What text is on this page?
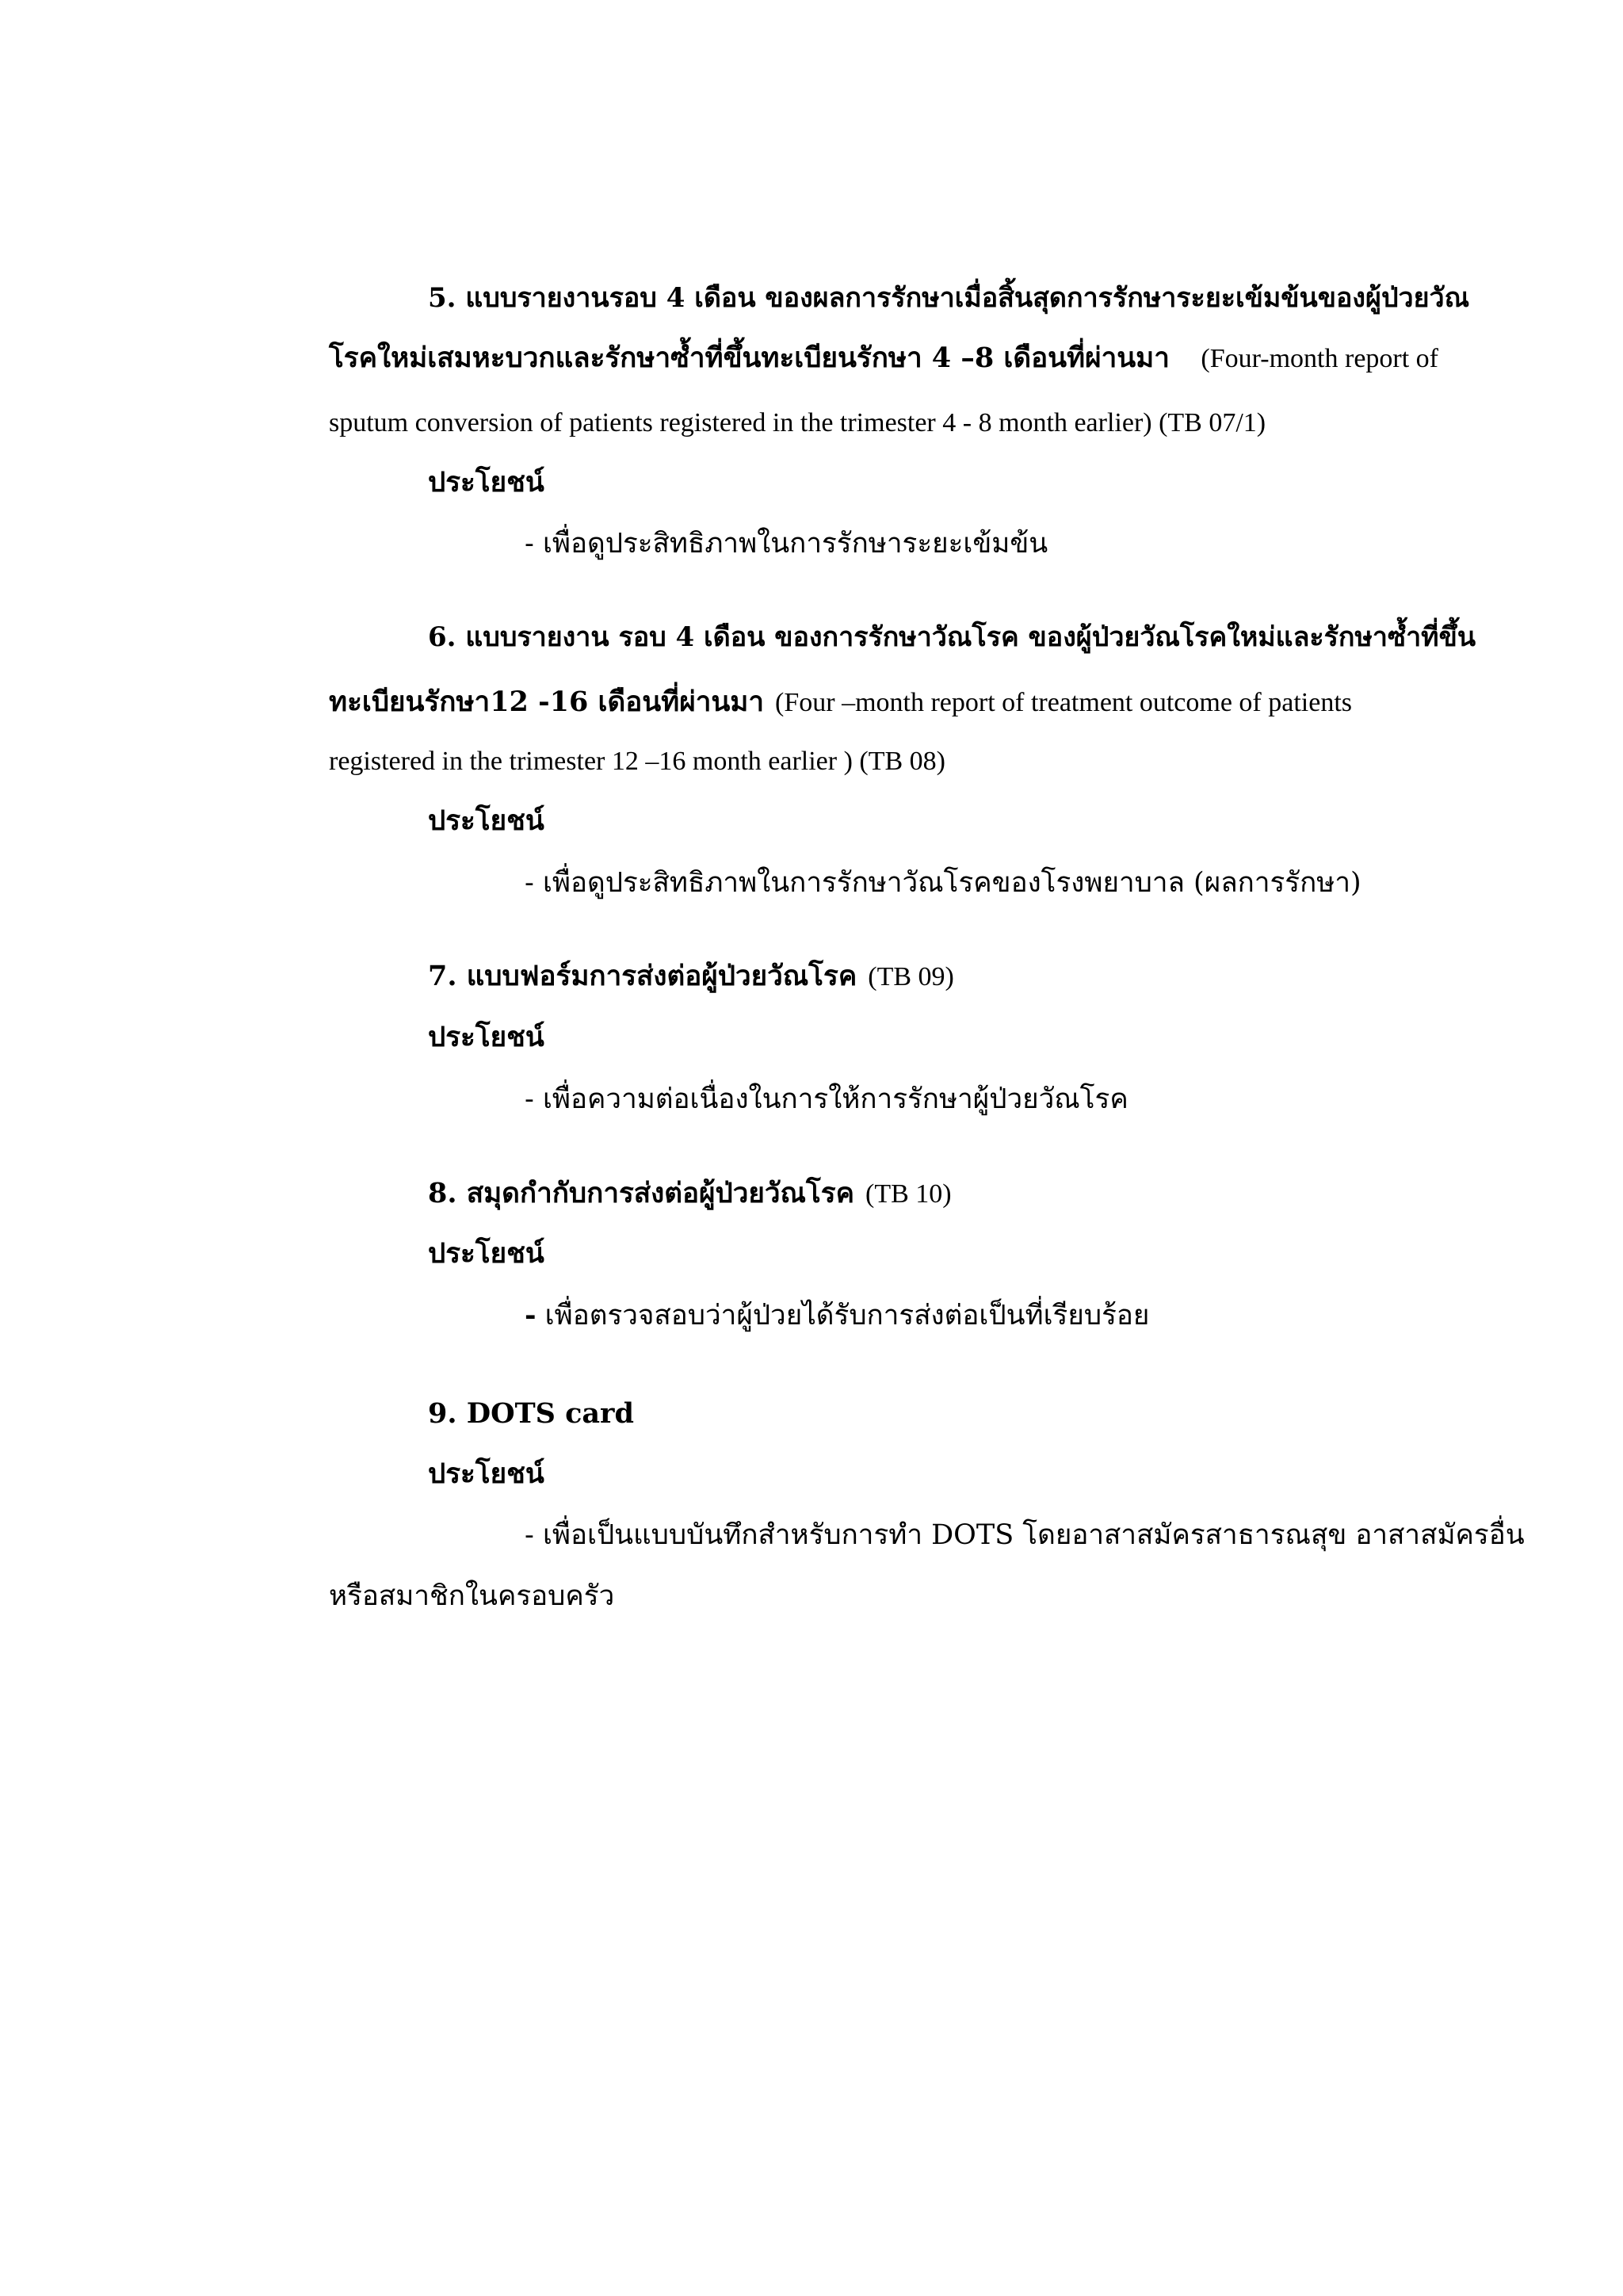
5. แบบรายงานรอบ 4 เดือน ของผลการรักษาเมื่อสิ้นสุดการรักษาระยะเข้มข้นของผู้ป่วยวัณ
โรคใหม่เสมหะบวกและรักษาซ้ำที่ขึ้นทะเบียนรักษา 4 –8 เดือนที่ผ่านมา (Four-month report of
sputum conversion of patients registered in the trimester 4 - 8 month earlier) (TB 07/1)
ประโยชน์
- เพื่อดูประสิทธิภาพในการรักษาระยะเข้มข้น
6. แบบรายงาน รอบ 4 เดือน ของการรักษาวัณโรค ของผู้ป่วยวัณโรคใหม่และรักษาซ้ำที่ขึ้น
ทะเบียนรักษา12 -16 เดือนที่ผ่านมา (Four –month report of treatment outcome of patients
registered in the trimester 12 –16 month earlier ) (TB 08)
ประโยชน์
- เพื่อดูประสิทธิภาพในการรักษาวัณโรคของโรงพยาบาล (ผลการรักษา)
7. แบบฟอร์มการส่งต่อผู้ป่วยวัณโรค (TB 09)
ประโยชน์
- เพื่อความต่อเนื่องในการให้การรักษาผู้ป่วยวัณโรค
8. สมุดกำกับการส่งต่อผู้ป่วยวัณโรค (TB 10)
ประโยชน์
- เพื่อตรวจสอบว่าผู้ป่วยได้รับการส่งต่อเป็นที่เรียบร้อย
9. DOTS card
ประโยชน์
- เพื่อเป็นแบบบันทึกสำหรับการทำ DOTS โดยอาสาสมัครสาธารณสุข อาสาสมัครอื่น
หรือสมาชิกในครอบครัว
